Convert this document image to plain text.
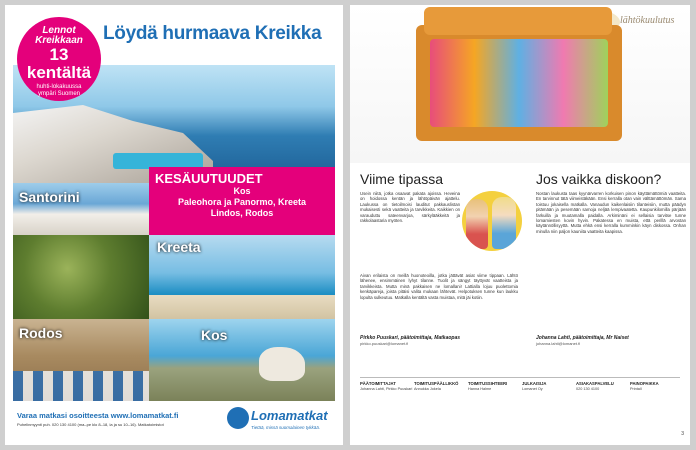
Lennot
Kreikkaan
13 kentältä
huhti-lokakuussa
ympäri Suomen
Löydä hurmaava Kreikka
KESÄUUTUUDET
Kos
Paleohora ja Panormo, Kreeta
Lindos, Rodos
Santorini
Kreeta
Rodos	Kos
Varaa matkasi osoitteesta www.lomamatkat.fi
Puhelinmyynti puh. 020 130 4100 (ma–pe klo 8–18, la ja su 10–16). Matkatoimistot
Lomamatkat
Tietää, missä suomalainen tykkää.
lähtökuulutus
Viime tipassa	Jos vaikka diskoon?
Usein niitä, jotka osaavat pakata ajoissa. Heveina on hoidossa kentän ja lähtöpäivän ajattelu. Laukussa on tietoilmoisi lauditut pakkauslistan mukaisesti sekä vaatteita ja tarvikkeita. Kaikkien on varauduttu sateenvarjoa, särkylääkkeitä ja rakkolaastaria myöten.
Aivan erilaista on meillä huonoteoilla, jotka jättävät asiat viime tippaan. Lähtö lähenee, ensimmäinen lyhyt tilanne. Tuolit ja sängyt täyttyvät vaatteista ja tarvikkeista. Mutta minä pakkaisen ne lomallani! Lattialla lojuu puolettomia kenkäpareja, joista pitäisi valita mukaan lähtevät. Helpotuksen tunne kun laukku lopulta sulkeutuu. Matkalla kentältä vasta muistaa, mitä jäi kotiin.
Nostan laukusta taas kyynärvarren korkuisen pinon käyttämättömiä vaatteita. En tarvinnut tätä viimeistäkään. Ensi kerralla otan vain välttämättömän. Sama toistuu jokaisella matkalla. Vanaudun kaikenlaisiin tilanteisiin, mutta päädyn pitämään ja pesemään samoja neljää lempivaatetta. Kaupunkilomilla pärjään farkuilla ja muutamalla paidalla. Arkiminäni ei sellaisia tarvitse tunne lomamiesten kovin hyvin. Pakatessa en muista, että perillä arvostan käytännöllisyyttä. Mutta ehkä ensi kerralla kumminkin käyn diskossa. Onhan minulla niin paljon kauniita vaatteita kaapissa.
Pirkko Puuskari, päätoimittaja, Matkaopas
pirkko.puuskari@lomanet.fi
Johanna Lahti, päätoimittaja, Mr Naiset
johanna.lahti@lomanet.fi
PÄÄTOIMITTAJAT
Johanna Lahti, Pirkko Puuskari
TOIMITUSPÄÄLLIKKÖ
Annukka Jokela
TOIMITUSSIHTEERI
Hanna Halme
JULKAISIJA
Lomanet Oy
ASIAKASPALVELU
020 130 4100
PAINOPAIKKA
Printall
3
